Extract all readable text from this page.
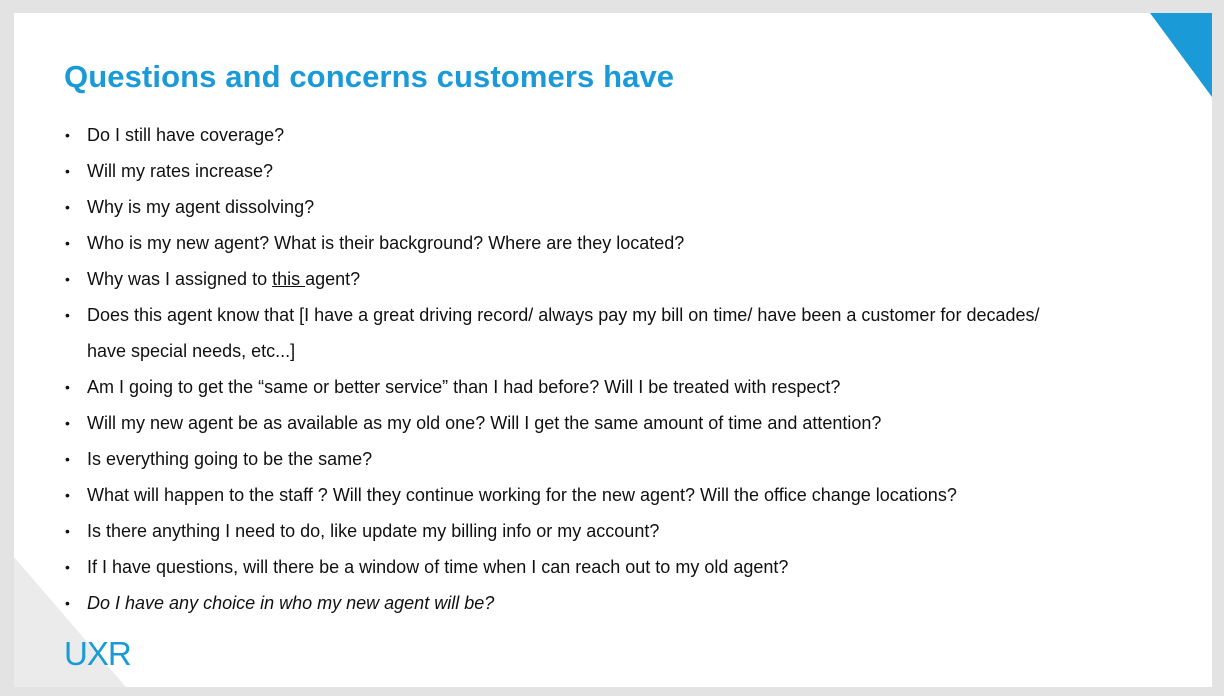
Questions and concerns customers have
• Do I still have coverage?
• Will my rates increase?
• Why is my agent dissolving?
• Who is my new agent? What is their background? Where are they located?
• Why was I assigned to this agent?
• Does this agent know that [I have a great driving record/ always pay my bill on time/ have been a customer for decades/ have special needs, etc...]
• Am I going to get the “same or better service” than I had before? Will I be treated with respect?
• Will my new agent be as available as my old one? Will I get the same amount of time and attention?
• Is everything going to be the same?
• What will happen to the staff ? Will they continue working for the new agent? Will the office change locations?
• Is there anything I need to do, like update my billing info or my account?
• If I have questions, will there be a window of time when I can reach out to my old agent?
• Do I have any choice in who my new agent will be?
UXR
